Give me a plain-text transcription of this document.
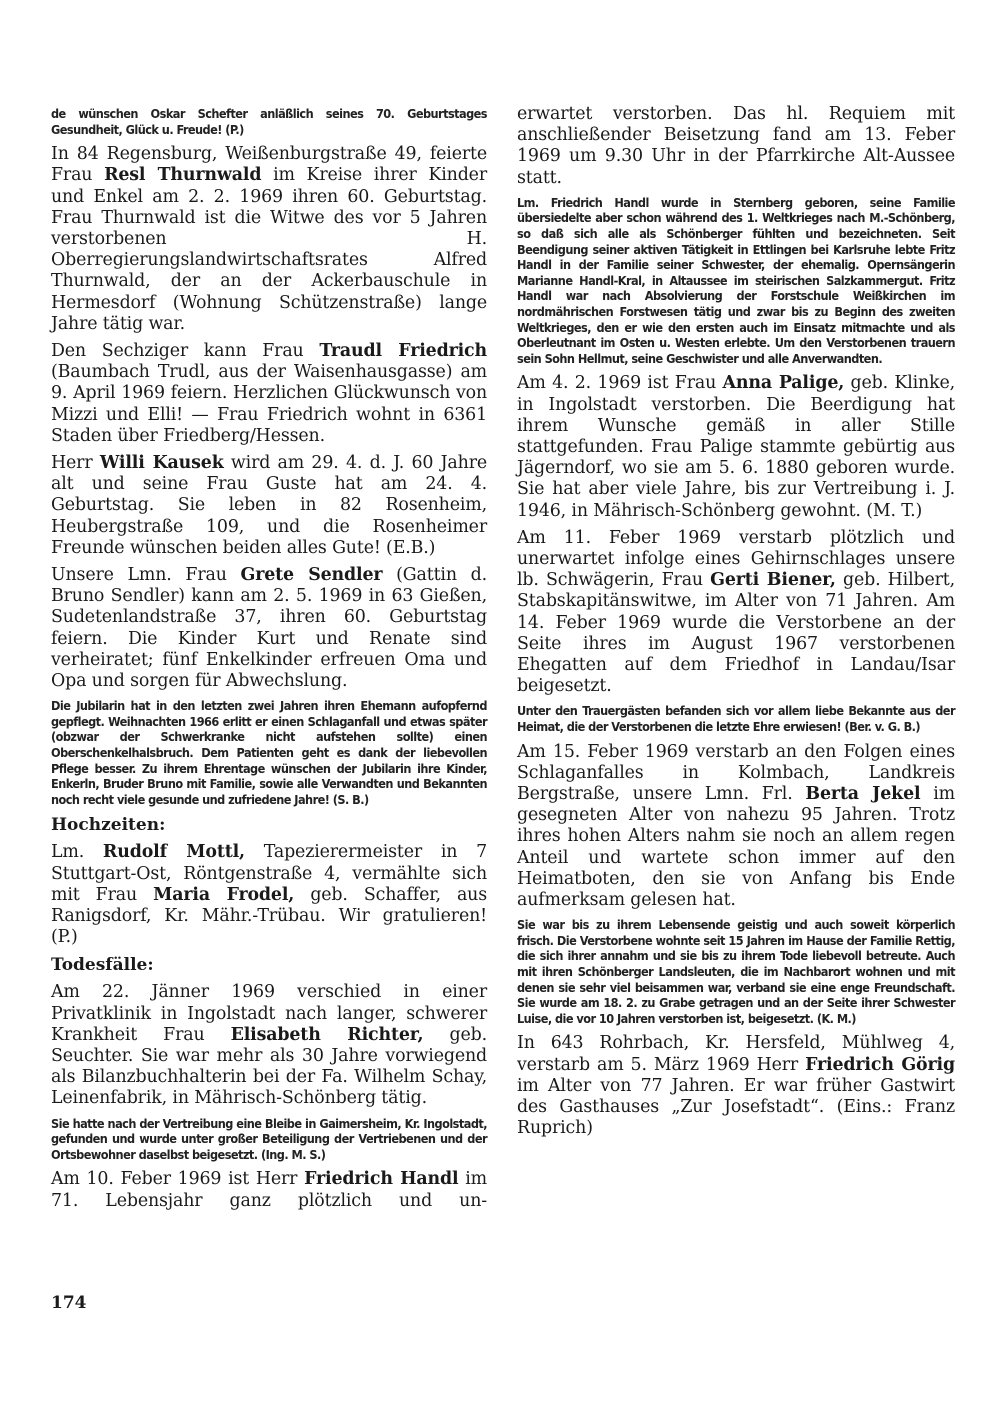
de wünschen Oskar Schefter anläßlich seines 70. Geburtstages Gesundheit, Glück u. Freude! (P.)

In 84 Regensburg, Weißenburgstraße 49, feierte Frau Resl Thurnwald im Kreise ihrer Kinder und Enkel am 2. 2. 1969 ihren 60. Geburtstag. Frau Thurnwald ist die Witwe des vor 5 Jahren verstorbenen H. Oberregierungslandwirtschaftsrates Alfred Thurnwald, der an der Ackerbauschule in Hermesdorf (Wohnung Schützenstraße) lange Jahre tätig war.

Den Sechziger kann Frau Traudl Friedrich (Baumbach Trudl, aus der Waisenhausgasse) am 9. April 1969 feiern. Herzlichen Glückwunsch von Mizzi und Elli! — Frau Friedrich wohnt in 6361 Staden über Friedberg/Hessen.

Herr Willi Kausek wird am 29. 4. d. J. 60 Jahre alt und seine Frau Guste hat am 24. 4. Geburtstag. Sie leben in 82 Rosenheim, Heubergstraße 109, und die Rosenheimer Freunde wünschen beiden alles Gute! (E.B.)

Unsere Lmn. Frau Grete Sendler (Gattin d. Bruno Sendler) kann am 2. 5. 1969 in 63 Gießen, Sudetenlandstraße 37, ihren 60. Geburtstag feiern. Die Kinder Kurt und Renate sind verheiratet; fünf Enkelkinder erfreuen Oma und Opa und sorgen für Abwechslung.

Die Jubilarin hat in den letzten zwei Jahren ihren Ehemann aufopfernd gepflegt. Weihnachten 1966 erlitt er einen Schlaganfall und etwas später (obzwar der Schwerkranke nicht aufstehen sollte) einen Oberschenkelhalsbruch. Dem Patienten geht es dank der liebevollen Pflege besser. Zu ihrem Ehrentage wünschen der Jubilarin ihre Kinder, Enkerln, Bruder Bruno mit Familie, sowie alle Verwandten und Bekannten noch recht viele gesunde und zufriedene Jahre! (S. B.)

Hochzeiten:

Lm. Rudolf Mottl, Tapezierermeister in 7 Stuttgart-Ost, Röntgenstraße 4, vermählte sich mit Frau Maria Frodel, geb. Schaffer, aus Ranigsdorf, Kr. Mähr.-Trübau. Wir gratulieren! (P.)

Todesfälle:

Am 22. Jänner 1969 verschied in einer Privatklinik in Ingolstadt nach langer, schwerer Krankheit Frau Elisabeth Richter, geb. Seuchter. Sie war mehr als 30 Jahre vorwiegend als Bilanzbuchhalterin bei der Fa. Wilhelm Schay, Leinenfabrik, in Mährisch-Schönberg tätig.

Sie hatte nach der Vertreibung eine Bleibe in Gaimersheim, Kr. Ingolstadt, gefunden und wurde unter großer Beteiligung der Vertriebenen und der Ortsbewohner daselbst beigesetzt. (Ing. M. S.)

Am 10. Feber 1969 ist Herr Friedrich Handl im 71. Lebensjahr ganz plötzlich und un-

erwartet verstorben. Das hl. Requiem mit anschließender Beisetzung fand am 13. Feber 1969 um 9.30 Uhr in der Pfarrkirche Alt-Aussee statt.

Lm. Friedrich Handl wurde in Sternberg geboren, seine Familie übersiedelte aber schon während des 1. Weltkrieges nach M.-Schönberg, so daß sich alle als Schönberger fühlten und bezeichneten. Seit Beendigung seiner aktiven Tätigkeit in Ettlingen bei Karlsruhe lebte Fritz Handl in der Familie seiner Schwester, der ehemalig. Opernsängerin Marianne Handl-Kral, in Altaussee im steirischen Salzkammergut. Fritz Handl war nach Absolvierung der Forstschule Weißkirchen im nordmährischen Forstwesen tätig und zwar bis zu Beginn des zweiten Weltkrieges, den er wie den ersten auch im Einsatz mitmachte und als Oberleutnant im Osten u. Westen erlebte. Um den Verstorbenen trauern sein Sohn Hellmut, seine Geschwister und alle Anverwandten.

Am 4. 2. 1969 ist Frau Anna Palige, geb. Klinke, in Ingolstadt verstorben. Die Beerdigung hat ihrem Wunsche gemäß in aller Stille stattgefunden. Frau Palige stammte gebürtig aus Jägerndorf, wo sie am 5. 6. 1880 geboren wurde. Sie hat aber viele Jahre, bis zur Vertreibung i. J. 1946, in Mährisch-Schönberg gewohnt. (M. T.)

Am 11. Feber 1969 verstarb plötzlich und unerwartet infolge eines Gehirnschlages unsere lb. Schwägerin, Frau Gerti Biener, geb. Hilbert, Stabskapitänswitwe, im Alter von 71 Jahren. Am 14. Feber 1969 wurde die Verstorbene an der Seite ihres im August 1967 verstorbenen Ehegatten auf dem Friedhof in Landau/Isar beigesetzt.

Unter den Trauergästen befanden sich vor allem liebe Bekannte aus der Heimat, die der Verstorbenen die letzte Ehre erwiesen! (Ber. v. G. B.)

Am 15. Feber 1969 verstarb an den Folgen eines Schlaganfalles in Kolmbach, Landkreis Bergstraße, unsere Lmn. Frl. Berta Jekel im gesegneten Alter von nahezu 95 Jahren. Trotz ihres hohen Alters nahm sie noch an allem regen Anteil und wartete schon immer auf den Heimatboten, den sie von Anfang bis Ende aufmerksam gelesen hat.

Sie war bis zu ihrem Lebensende geistig und auch soweit körperlich frisch. Die Verstorbene wohnte seit 15 Jahren im Hause der Familie Rettig, die sich ihrer annahm und sie bis zu ihrem Tode liebevoll betreute. Auch mit ihren Schönberger Landsleuten, die im Nachbarort wohnen und mit denen sie sehr viel beisammen war, verband sie eine enge Freundschaft. Sie wurde am 18. 2. zu Grabe getragen und an der Seite ihrer Schwester Luise, die vor 10 Jahren verstorben ist, beigesetzt. (K. M.)

In 643 Rohrbach, Kr. Hersfeld, Mühlweg 4, verstarb am 5. März 1969 Herr Friedrich Görig im Alter von 77 Jahren. Er war früher Gastwirt des Gasthauses „Zur Josefstadt“. (Eins.: Franz Ruprich)

174
